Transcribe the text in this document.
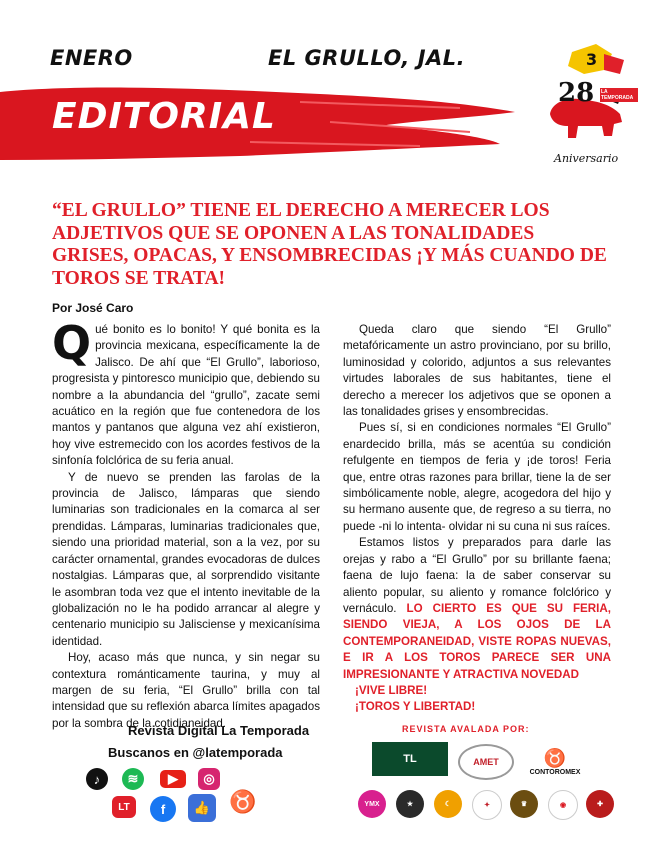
ENERO	EL GRULLO, JAL.
EDITORIAL
3
28 LA TEMPORADA
Aniversario
“EL GRULLO” TIENE EL DERECHO A MERECER LOS ADJETIVOS QUE SE OPONEN A LAS TONALIDADES GRISES, OPACAS, Y ENSOMBRECIDAS ¡Y MÁS CUANDO DE TOROS SE TRATA!
Por José Caro

Qué bonito es lo bonito! Y qué bonita es la provincia mexicana, específicamente la de Jalisco. De ahí que “El Grullo”, laborioso, progresista y pintoresco municipio que, debiendo su nombre a la abundancia del “grullo”, zacate semi acuático en la región que fue contenedora de los mantos y pantanos que alguna vez ahí existieron, hoy vive estremecido con los acordes festivos de la sinfonía folclórica de su feria anual.

Y de nuevo se prenden las farolas de la provincia de Jalisco, lámparas que siendo luminarias son tradicionales en la comarca al ser prendidas. Lámparas, luminarias tradicionales que, siendo una prioridad material, son a la vez, por su carácter ornamental, grandes evocadoras de dulces nostalgias. Lámparas que, al sorprendido visitante le asombran toda vez que el intento inevitable de la globalización no le ha podido arrancar al alegre y centenario municipio su Jalisciense y mexicanísima identidad.

Hoy, acaso más que nunca, y sin negar su contextura románticamente taurina, y muy al margen de su feria, “El Grullo” brilla con tal intensidad que su reflexión abarca límites apagados por la sombra de la cotidianeidad.

Queda claro que siendo “El Grullo” metafóricamente un astro provinciano, por su brillo, luminosidad y colorido, adjuntos a sus relevantes virtudes laborales de sus habitantes, tiene el derecho a merecer los adjetivos que se oponen a las tonalidades grises y ensombrecidas.

Pues sí, si en condiciones normales “El Grullo” enardecido brilla, más se acentúa su condición refulgente en tiempos de feria y ¡de toros! Feria que, entre otras razones para brillar, tiene la de ser simbólicamente noble, alegre, acogedora del hijo y su hermano ausente que, de regreso a su tierra, no puede -ni lo intenta- olvidar ni su cuna ni sus raíces.

Estamos listos y preparados para darle las orejas y rabo a “El Grullo” por su brillante faena; faena de lujo faena: la de saber conservar su aliento popular, su aliento y romance folclórico y vernáculo. LO CIERTO ES QUE SU FERIA, SIENDO VIEJA, A LOS OJOS DE LA CONTEMPORANEIDAD, VISTE ROPAS NUEVAS, E IR A LOS TOROS PARECE SER UNA IMPRESIONANTE Y ATRACTIVA NOVEDAD

¡VIVE LIBRE!

¡TOROS Y LIBERTAD!

Revista Digital La Temporada
Buscanos en @latemporada
♪	≋	▶	◎
LT	f	👍 ♉
REVISTA AVALADA POR:
TL	AMET	♉
CONTOROMEX
YMX	★	☾	✦	♛	◉	✚
